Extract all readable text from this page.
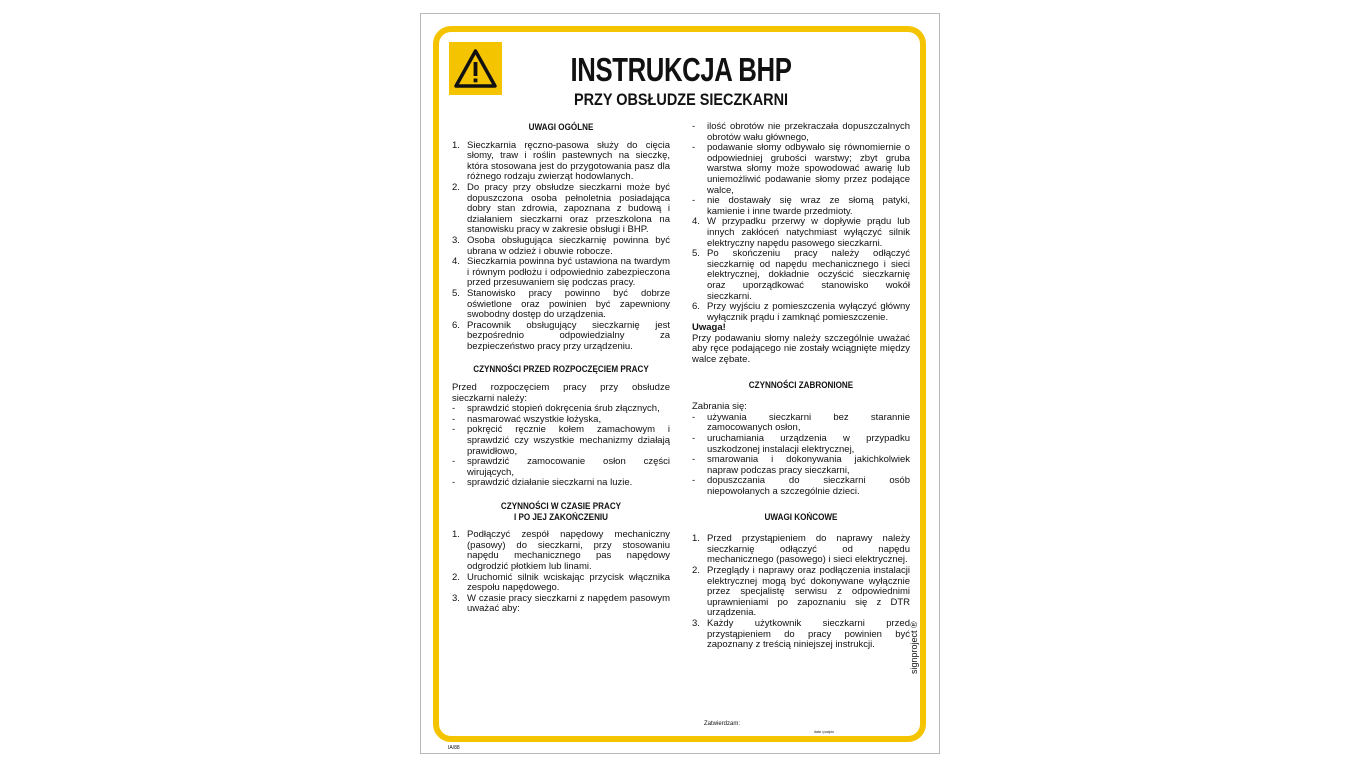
INSTRUKCJA BHP
PRZY OBSŁUDZE SIECZKARNI

UWAGI OGÓLNE

1. Sieczkarnia ręczno-pasowa służy do cięcia słomy, traw i roślin pastewnych na sieczkę, która stosowana jest do przygotowania pasz dla różnego rodzaju zwierząt hodowlanych.
2. Do pracy przy obsłudze sieczkarni może być dopuszczona osoba pełnoletnia posiadająca dobry stan zdrowia, zapoznana z budową i działaniem sieczkarni oraz przeszkolona na stanowisku pracy w zakresie obsługi i BHP.
3. Osoba obsługująca sieczkarnię powinna być ubrana w odzież i obuwie robocze.
4. Sieczkarnia powinna być ustawiona na twardym i równym podłożu i odpowiednio zabezpieczona przed przesuwaniem się podczas pracy.
5. Stanowisko pracy powinno być dobrze oświetlone oraz powinien być zapewniony swobodny dostęp do urządzenia.
6. Pracownik obsługujący sieczkarnię jest bezpośrednio odpowiedzialny za bezpieczeństwo pracy przy urządzeniu.

CZYNNOŚCI PRZED ROZPOCZĘCIEM PRACY

Przed rozpoczęciem pracy przy obsłudze sieczkarni należy:

-	sprawdzić stopień dokręcenia śrub złącznych,
-	nasmarować wszystkie łożyska,
-	pokręcić ręcznie kołem zamachowym i sprawdzić czy wszystkie mechanizmy działają prawidłowo,
-	sprawdzić zamocowanie osłon części wirujących,
-	sprawdzić działanie sieczkarni na luzie.

CZYNNOŚCI W CZASIE PRACY

I PO JEJ ZAKOŃCZENIU

1. Podłączyć zespół napędowy mechaniczny (pasowy) do sieczkarni, przy stosowaniu napędu mechanicznego pas napędowy odgrodzić płotkiem lub linami.
2. Uruchomić silnik wciskając przycisk włącznika zespołu napędowego.
3. W czasie pracy sieczkarni z napędem pasowym uważać aby:
-	ilość obrotów nie przekraczała dopuszczalnych obrotów wału głównego,
-	podawanie słomy odbywało się równomiernie o odpowiedniej grubości warstwy; zbyt gruba warstwa słomy może spowodować awarię lub uniemożliwić podawanie słomy przez podające walce,
-	nie dostawały się wraz ze słomą patyki, kamienie i inne twarde przedmioty.
4. W przypadku przerwy w dopływie prądu lub innych zakłóceń natychmiast wyłączyć silnik elektryczny napędu pasowego sieczkarni.
5. Po skończeniu pracy należy odłączyć sieczkarnię od napędu mechanicznego i sieci elektrycznej, dokładnie oczyścić sieczkarnię oraz uporządkować stanowisko wokół sieczkarni.
6. Przy wyjściu z pomieszczenia wyłączyć główny wyłącznik prądu i zamknąć pomieszczenie.

Uwaga!

Przy podawaniu słomy należy szczególnie uważać aby ręce podającego nie zostały wciągnięte między walce zębate.

CZYNNOŚCI ZABRONIONE

Zabrania się:

-	używania sieczkarni bez starannie zamocowanych osłon,
-	uruchamiania urządzenia w przypadku uszkodzonej instalacji elektrycznej,
-	smarowania i dokonywania jakichkolwiek napraw podczas pracy sieczkarni,
-	dopuszczania do sieczkarni osób niepowołanych a szczególnie dzieci.

UWAGI KOŃCOWE

1. Przed przystąpieniem do naprawy należy sieczkarnię odłączyć od napędu mechanicznego (pasowego) i sieci elektrycznej.
2. Przeglądy i naprawy oraz podłączenia instalacji elektrycznej mogą być dokonywane wyłącznie przez specjalistę serwisu z odpowiednimi uprawnieniami po zapoznaniu się z DTR urządzenia.
3. Każdy użytkownik sieczkarni przed przystąpieniem do pracy powinien być zapoznany z treścią niniejszej instrukcji.
IA/88
Zatwierdzam:
data i podpis
signproject ®
